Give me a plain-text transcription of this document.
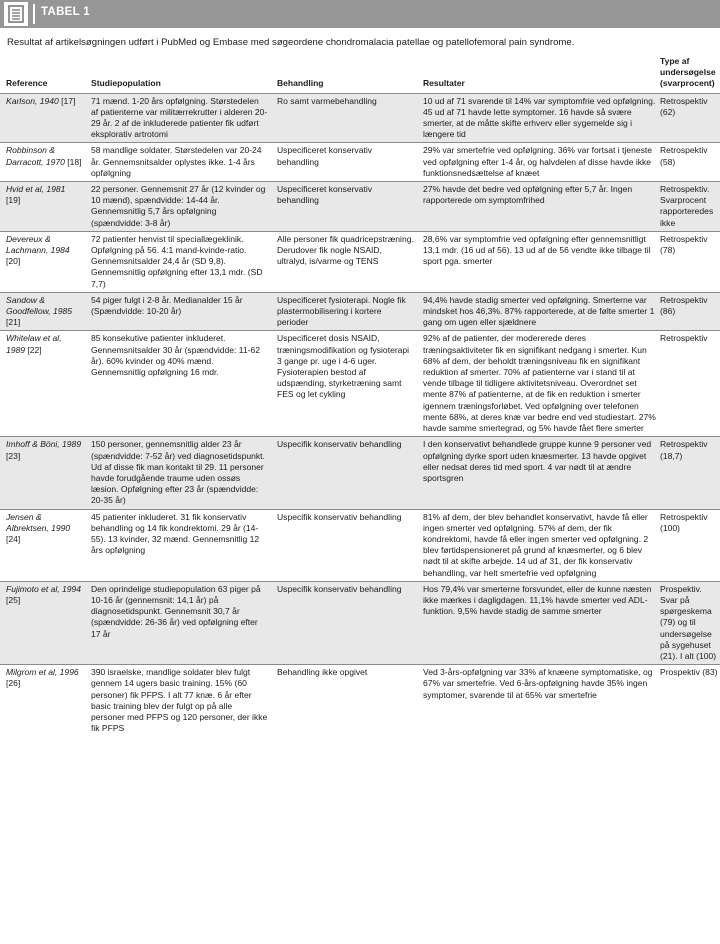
TABEL 1
Resultat af artikelsøgningen udført i PubMed og Embase med søgeordene chondromalacia patellae og patellofemoral pain syndrome.
Reference	Studiepopulation	Behandling	Resultater	Type af undersøgelse (svarprocent)
Karlson, 1940 [17]	71 mænd. 1-20 års opfølgning. Størstedelen af patienterne var militærrekrutter i alderen 20-29 år. 2 af de inkluderede patienter fik udført eksplorativ artrotomi	Ro samt varmebehandling	10 ud af 71 svarende til 14% var symptomfrie ved opfølgning. 45 ud af 71 havde lette symptomer. 16 havde så svære smerter, at de måtte skifte erhverv eller sygemelde sig i længere tid	Retrospektiv (62)
Robbinson & Darracott, 1970 [18]	58 mandlige soldater. Størstedelen var 20-24 år. Gennemsnitsalder oplystes ikke. 1-4 års opfølgning	Uspecificeret konservativ behandling	29% var smertefrie ved opfølgning. 36% var fortsat i tjeneste ved opfølgning efter 1-4 år, og halvdelen af disse havde ikke funktionsnedsættelse af knæet	Retrospektiv (58)
Hvid et al, 1981 [19]	22 personer. Gennemsnit 27 år (12 kvinder og 10 mænd), spændvidde: 14-44 år. Gennemsnitlig 5,7 års opfølgning (spændvidde: 3-8 år)	Uspecificeret konservativ behandling	27% havde det bedre ved opfølgning efter 5,7 år. Ingen rapporterede om symptomfrihed	Retrospektiv. Svarprocent rapporteredes ikke
Devereux & Lachmann, 1984 [20]	72 patienter henvist til speciallægeklinik. Opfølgning på 56. 4:1 mand-kvinde-ratio. Gennemsnitsalder 24,4 år (SD 9,8). Gennemsnitlig opfølgning efter 13,1 mdr. (SD 7,7)	Alle personer fik quadricepstræning. Derudover fik nogle NSAID, ultralyd, is/varme og TENS	28,6% var symptomfrie ved opfølgning efter gennemsnitligt 13,1 mdr. (16 ud af 56). 13 ud af de 56 vendte ikke tilbage til sport pga. smerter	Retrospektiv (78)
Sandow & Goodfellow, 1985 [21]	54 piger fulgt i 2-8 år. Medianalder 15 år (Spændvidde: 10-20 år)	Uspecificeret fysioterapi. Nogle fik plastermobilisering i kortere perioder	94,4% havde stadig smerter ved opfølgning. Smerterne var mindsket hos 46,3%. 87% rapporterede, at de følte smerter 1 gang om ugen eller sjældnere	Retrospektiv (86)
Whitelaw et al, 1989 [22]	85 konsekutive patienter inkluderet. Gennemsnitsalder 30 år (spændvidde: 11-62 år). 60% kvinder og 40% mænd. Gennemsnitlig opfølgning 16 mdr.	Uspecificeret dosis NSAID, træningsmodifikation og fysioterapi 3 gange pr. uge i 4-6 uger. Fysioterapien bestod af udspænding, styrketræning samt FES og let cykling	92% af de patienter, der modererede deres træningsaktiviteter fik en signifikant nedgang i smerter. Kun 68% af dem, der beholdt træningsniveau fik en signifikant reduktion af smerter. 70% af patienterne var i stand til at vende tilbage til tidligere aktivitetsniveau. Overordnet set mente 87% af patienterne, at de fik en reduktion i smerter igennem træningsforløbet. Ved opfølgning over telefonen mente 68%, at deres knæ var bedre end ved studiestart. 27% havde samme smertegrad, og 5% havde fået flere smerter	Retrospektiv
Imhoff & Böni, 1989 [23]	150 personer, gennemsnitlig alder 23 år (spændvidde: 7-52 år) ved diagnosetidspunkt. Ud af disse fik man kontakt til 29. 11 personer havde forudgående traume uden ossøs læsion. Opfølgning efter 23 år (spændvidde: 20-35 år)	Uspecifik konservativ behandling	I den konservativt behandlede gruppe kunne 9 personer ved opfølgning dyrke sport uden knæsmerter. 13 havde opgivet eller nedsat deres tid med sport. 4 var nødt til at ændre sportsgren	Retrospektiv (18,7)
Jensen & Albrektsen, 1990 [24]	45 patienter inkluderet. 31 fik konservativ behandling og 14 fik kondrektomi. 29 år (14-55). 13 kvinder, 32 mænd. Gennemsnitlig 12 års opfølgning	Uspecifik konservativ behandling	81% af dem, der blev behandlet konservativt, havde få eller ingen smerter ved opfølgning. 57% af dem, der fik kondrektomi, havde få eller ingen smerter ved opfølgning. 2 blev førtidspensioneret på grund af knæsmerter, og 6 blev nødt til at skifte arbejde. 14 ud af 31, der fik konservativ behandling, var helt smertefrie ved opfølgning	Retrospektiv (100)
Fujimoto et al, 1994 [25]	Den oprindelige studiepopulation 63 piger på 10-16 år (gennemsnit: 14,1 år) på diagnosetidspunkt. Gennemsnit 30,7 år (spændvidde: 26-36 år) ved opfølgning efter 17 år	Uspecifik konservativ behandling	Hos 79,4% var smerterne forsvundet, eller de kunne næsten ikke mærkes i dagligdagen. 11,1% havde smerter ved ADL-funktion. 9,5% havde stadig de samme smerter	Prospektiv. Svar på spørgeskema (79) og til undersøgelse på sygehuset (21). I alt (100)
Milgrom et al, 1996 [26]	390 israelske, mandlige soldater blev fulgt gennem 14 ugers basic training. 15% (60 personer) fik PFPS. I alt 77 knæ. 6 år efter basic training blev der fulgt op på alle personer med PFPS og 120 personer, der ikke fik PFPS	Behandling ikke opgivet	Ved 3-års-opfølgning var 33% af knæene symptomatiske, og 67% var smertefrie. Ved 6-års-opfølgning havde 35% ingen symptomer, svarende til at 65% var smertefrie	Prospektiv (83)
